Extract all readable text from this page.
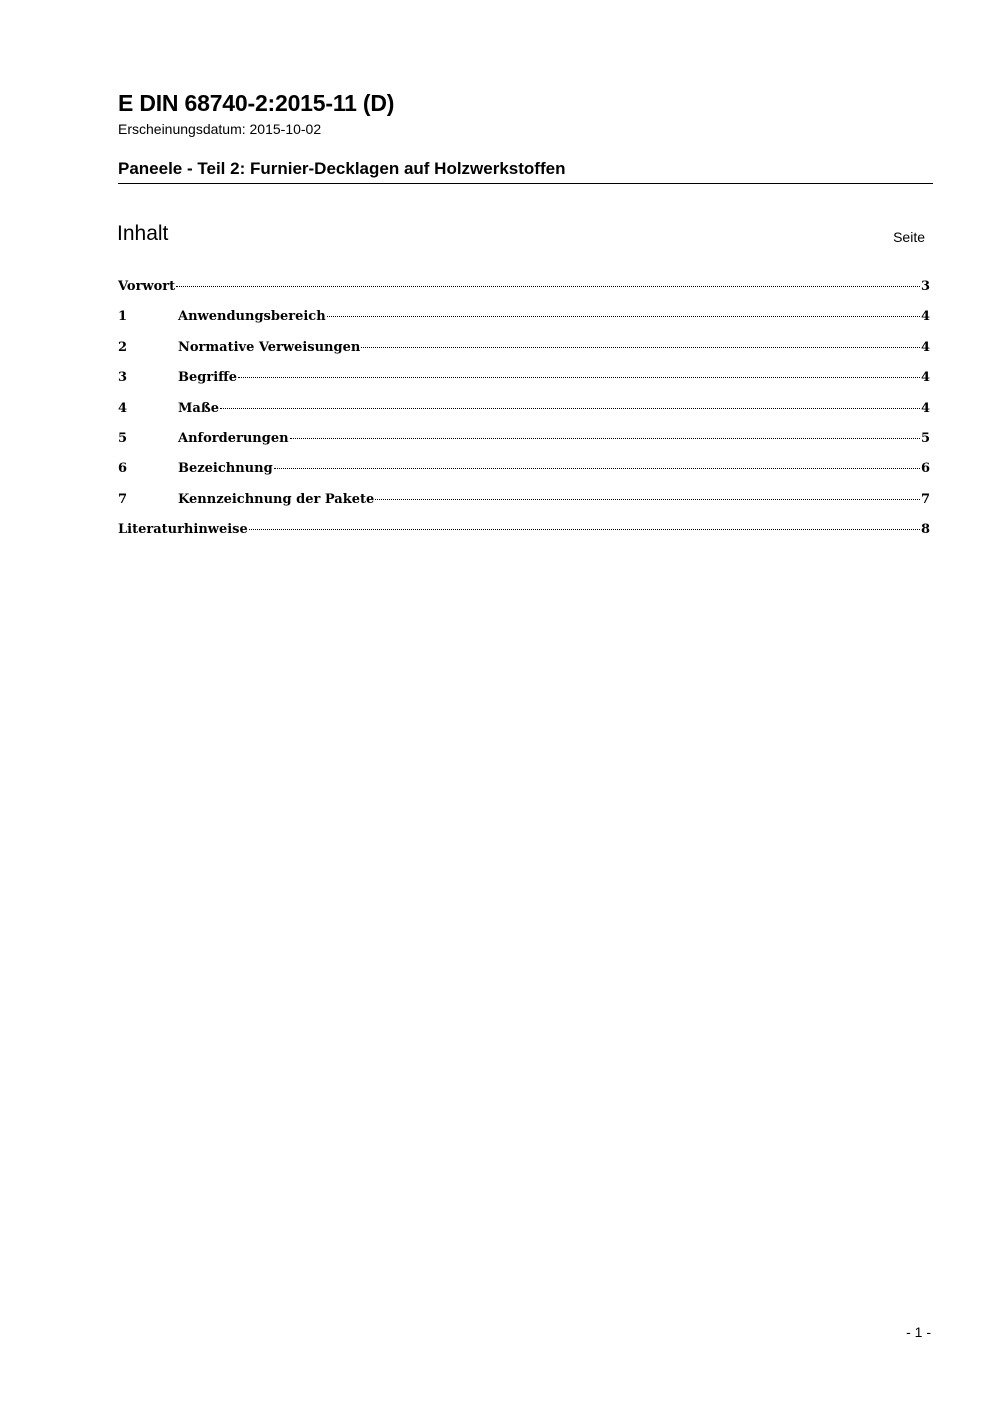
E DIN 68740-2:2015-11 (D)
Erscheinungsdatum: 2015-10-02
Paneele - Teil 2: Furnier-Decklagen auf Holzwerkstoffen
Inhalt	Seite
Vorwort	3
1	Anwendungsbereich	4
2	Normative Verweisungen	4
3	Begriffe	4
4	Maße	4
5	Anforderungen	5
6	Bezeichnung	6
7	Kennzeichnung der Pakete	7
Literaturhinweise	8
- 1 -
